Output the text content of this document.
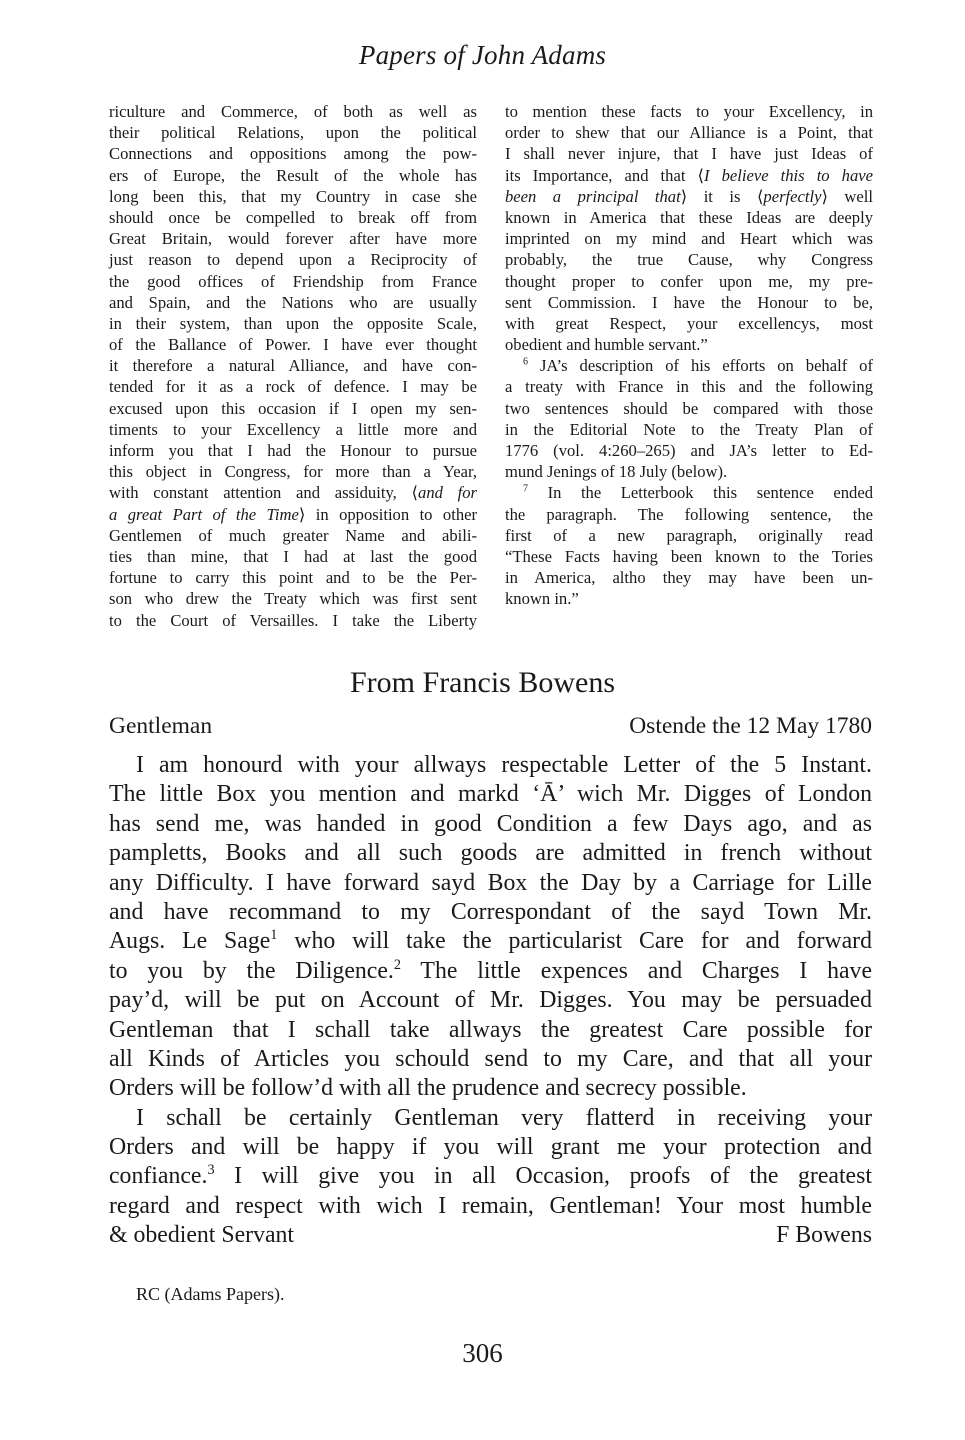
Papers of John Adams
riculture and Commerce, of both as well as
their political Relations, upon the political
Connections and oppositions among the pow-
ers of Europe, the Result of the whole has
long been this, that my Country in case she
should once be compelled to break off from
Great Britain, would forever after have more
just reason to depend upon a Reciprocity of
the good offices of Friendship from France
and Spain, and the Nations who are usually
in their system, than upon the opposite Scale,
of the Ballance of Power. I have ever thought
it therefore a natural Alliance, and have con-
tended for it as a rock of defence. I may be
excused upon this occasion if I open my sen-
timents to your Excellency a little more and
inform you that I had the Honour to pursue
this object in Congress, for more than a Year,
with constant attention and assiduity, ⟨and for
a great Part of the Time⟩ in opposition to other
Gentlemen of much greater Name and abili-
ties than mine, that I had at last the good
fortune to carry this point and to be the Per-
son who drew the Treaty which was first sent
to the Court of Versailles. I take the Liberty
to mention these facts to your Excellency, in
order to shew that our Alliance is a Point, that
I shall never injure, that I have just Ideas of
its Importance, and that ⟨I believe this to have
been a principal that⟩ it is ⟨perfectly⟩ well
known in America that these Ideas are deeply
imprinted on my mind and Heart which was
probably, the true Cause, why Congress
thought proper to confer upon me, my pre-
sent Commission. I have the Honour to be,
with great Respect, your excellencys, most
obedient and humble servant.”
$^6$ JA’s description of his efforts on behalf of
a treaty with France in this and the following
two sentences should be compared with those
in the Editorial Note to the Treaty Plan of
1776 (vol. 4:260–265) and JA’s letter to Ed-
mund Jenings of 18 July (below).
$^7$ In the Letterbook this sentence ended
the paragraph. The following sentence, the
first of a new paragraph, originally read
“These Facts having been known to the Tories
in America, altho they may have been un-
known in.”
From Francis Bowens
Gentleman	Ostende the 12 May 1780
I am honourd with your allways respectable Letter of the 5 Instant.
The little Box you mention and markd ‘Ā’ wich Mr. Digges of London
has send me, was handed in good Condition a few Days ago, and as
pampletts, Books and all such goods are admitted in french without
any Difficulty. I have forward sayd Box the Day by a Carriage for Lille
and have recommand to my Correspondant of the sayd Town Mr.
Augs. Le Sage$^1$ who will take the particularist Care for and forward
to you by the Diligence.$^2$ The little expences and Charges I have
pay’d, will be put on Account of Mr. Digges. You may be persuaded
Gentleman that I schall take allways the greatest Care possible for
all Kinds of Articles you schould send to my Care, and that all your
Orders will be follow’d with all the prudence and secrecy possible.
I schall be certainly Gentleman very flatterd in receiving your
Orders and will be happy if you will grant me your protection and
confiance.$^3$ I will give you in all Occasion, proofs of the greatest
regard and respect with wich I remain, Gentleman! Your most humble
& obedient Servant	F Bowens
RC (Adams Papers).
306
